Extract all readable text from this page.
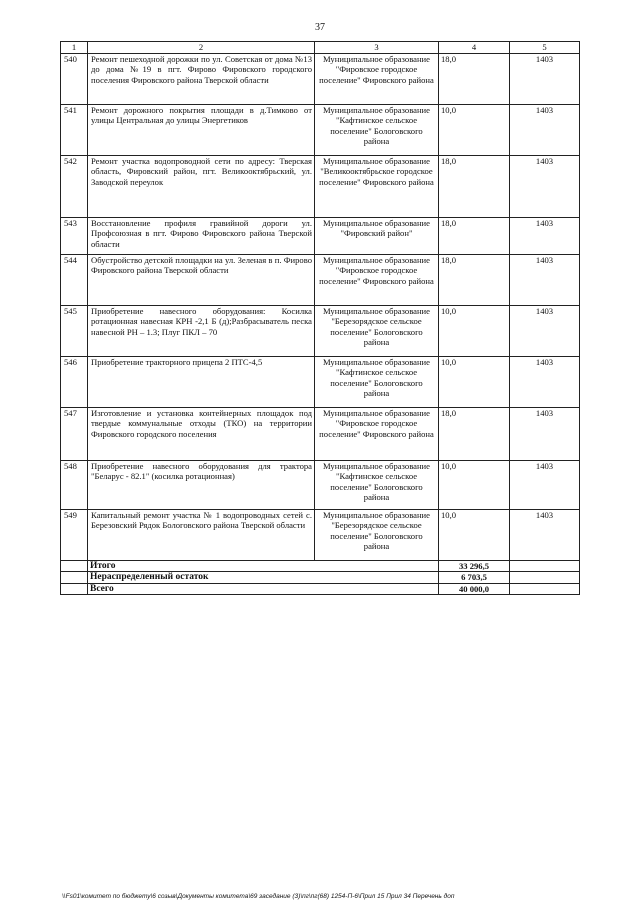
37
1	2	3	4	5
540	Ремонт пешеходной дорожки по ул. Советская от дома №13 до дома №19 в пгт. Фирово Фировского городского поселения Фировского района Тверской области	Муниципальное образование "Фировское городское поселение" Фировского района	18,0	1403
541	Ремонт дорожного покрытия площади в д.Тимково от улицы Центральная до улицы Энергетиков	Муниципальное образование "Кафтинское сельское поселение" Бологовского района	10,0	1403
542	Ремонт участка водопроводной сети по адресу: Тверская область, Фировский район, пгт. Великооктябрьский, ул. Заводской переулок	Муниципальное образование "Великооктябрьское городское поселение" Фировского района	18,0	1403
543	Восстановление профиля гравийной дороги ул. Профсоюзная в пгт. Фирово Фировского района Тверской области	Муниципальное образование "Фировский район"	18,0	1403
544	Обустройство детской площадки на ул. Зеленая в п. Фирово Фировского района Тверской области	Муниципальное образование "Фировское городское поселение" Фировского района	18,0	1403
545	Приобретение навесного оборудования: Косилка ротационная навесная КРН -2,1 Б (д);Разбрасыватель песка навесной РН – 1.3; Плуг ПКЛ – 70	Муниципальное образование "Березорядское сельское поселение" Бологовского района	10,0	1403
546	Приобретение тракторного прицепа 2 ПТС-4,5	Муниципальное образование "Кафтинское сельское поселение" Бологовского района	10,0	1403
547	Изготовление и установка контейнерных площадок под твердые коммунальные отходы (ТКО) на территории Фировского городского поселения	Муниципальное образование "Фировское городское поселение" Фировского района	18,0	1403
548	Приобретение навесного оборудования для трактора "Беларус - 82.1" (косилка ротационная)	Муниципальное образование "Кафтинское сельское поселение" Бологовского района	10,0	1403
549	Капитальный ремонт участка № 1 водопроводных сетей с. Березовский Рядок Бологовского района Тверской области	Муниципальное образование "Березорядское сельское поселение" Бологовского района	10,0	1403
	Итого		33 296,5	
	Нераспределенный остаток		6 703,5	
	Всего		40 000,0	
\\Fs01\комитет по бюджету\6 созыв\Документы комитета\69 заседание (3)\пг\пг(68) 1254-П-6\Прил 15 Прил 34 Перечень доп
